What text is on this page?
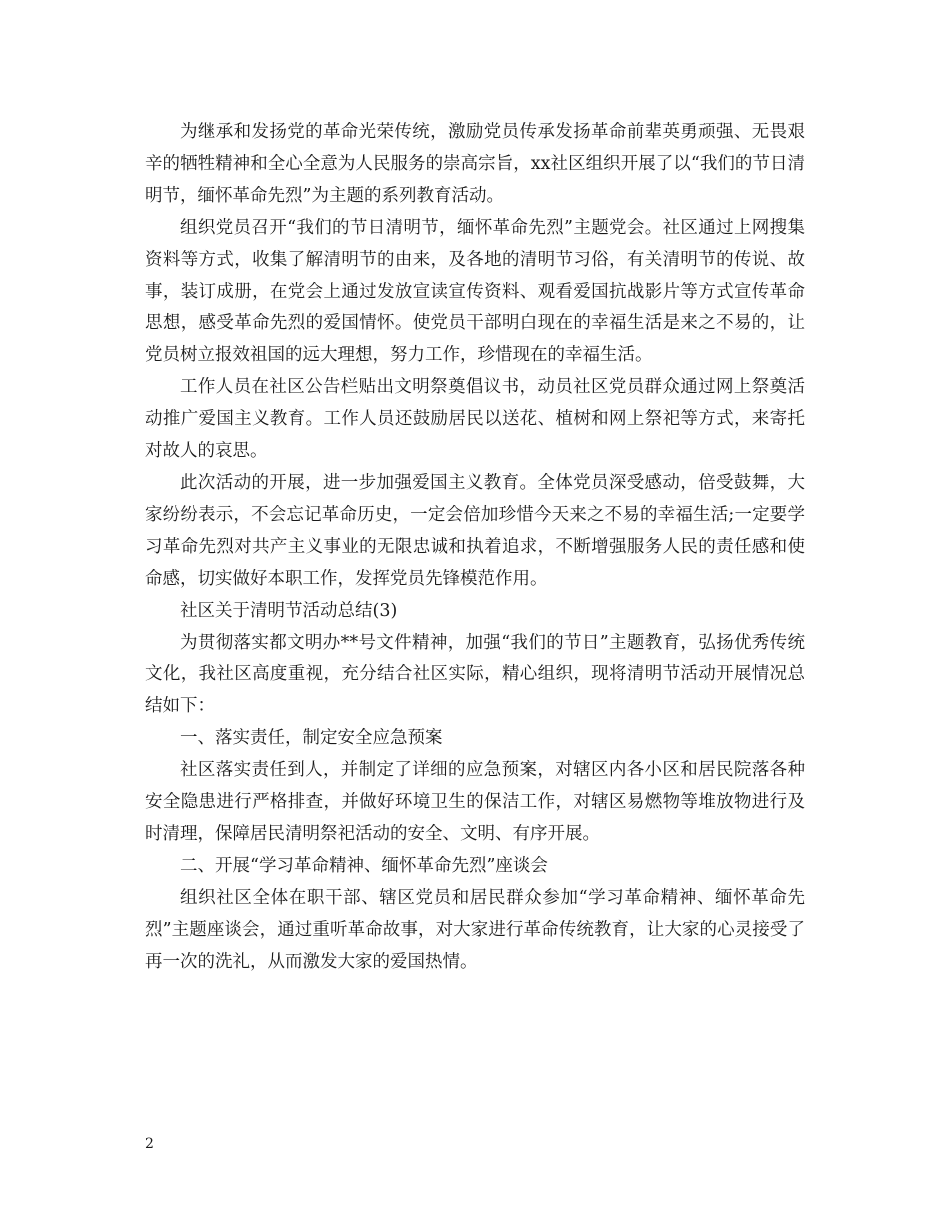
为继承和发扬党的革命光荣传统，激励党员传承发扬革命前辈英勇顽强、无畏艰辛的牺牲精神和全心全意为人民服务的崇高宗旨，xx社区组织开展了以“我们的节日清明节，缅怀革命先烈”为主题的系列教育活动。

组织党员召开“我们的节日清明节，缅怀革命先烈”主题党会。社区通过上网搜集资料等方式，收集了解清明节的由来，及各地的清明节习俗，有关清明节的传说、故事，装订成册，在党会上通过发放宣读宣传资料、观看爱国抗战影片等方式宣传革命思想，感受革命先烈的爱国情怀。使党员干部明白现在的幸福生活是来之不易的，让党员树立报效祖国的远大理想，努力工作，珍惜现在的幸福生活。

工作人员在社区公告栏贴出文明祭奠倡议书，动员社区党员群众通过网上祭奠活动推广爱国主义教育。工作人员还鼓励居民以送花、植树和网上祭祀等方式，来寄托对故人的哀思。

此次活动的开展，进一步加强爱国主义教育。全体党员深受感动，倍受鼓舞，大家纷纷表示，不会忘记革命历史，一定会倍加珍惜今天来之不易的幸福生活;一定要学习革命先烈对共产主义事业的无限忠诚和执着追求，不断增强服务人民的责任感和使命感，切实做好本职工作，发挥党员先锋模范作用。

社区关于清明节活动总结(3)

为贯彻落实都文明办**号文件精神，加强“我们的节日”主题教育，弘扬优秀传统文化，我社区高度重视，充分结合社区实际，精心组织，现将清明节活动开展情况总结如下：

一、落实责任，制定安全应急预案

社区落实责任到人，并制定了详细的应急预案，对辖区内各小区和居民院落各种安全隐患进行严格排查，并做好环境卫生的保洁工作，对辖区易燃物等堆放物进行及时清理，保障居民清明祭祀活动的安全、文明、有序开展。

二、开展“学习革命精神、缅怀革命先烈”座谈会

组织社区全体在职干部、辖区党员和居民群众参加“学习革命精神、缅怀革命先烈”主题座谈会，通过重听革命故事，对大家进行革命传统教育，让大家的心灵接受了再一次的洗礼，从而激发大家的爱国热情。

2
